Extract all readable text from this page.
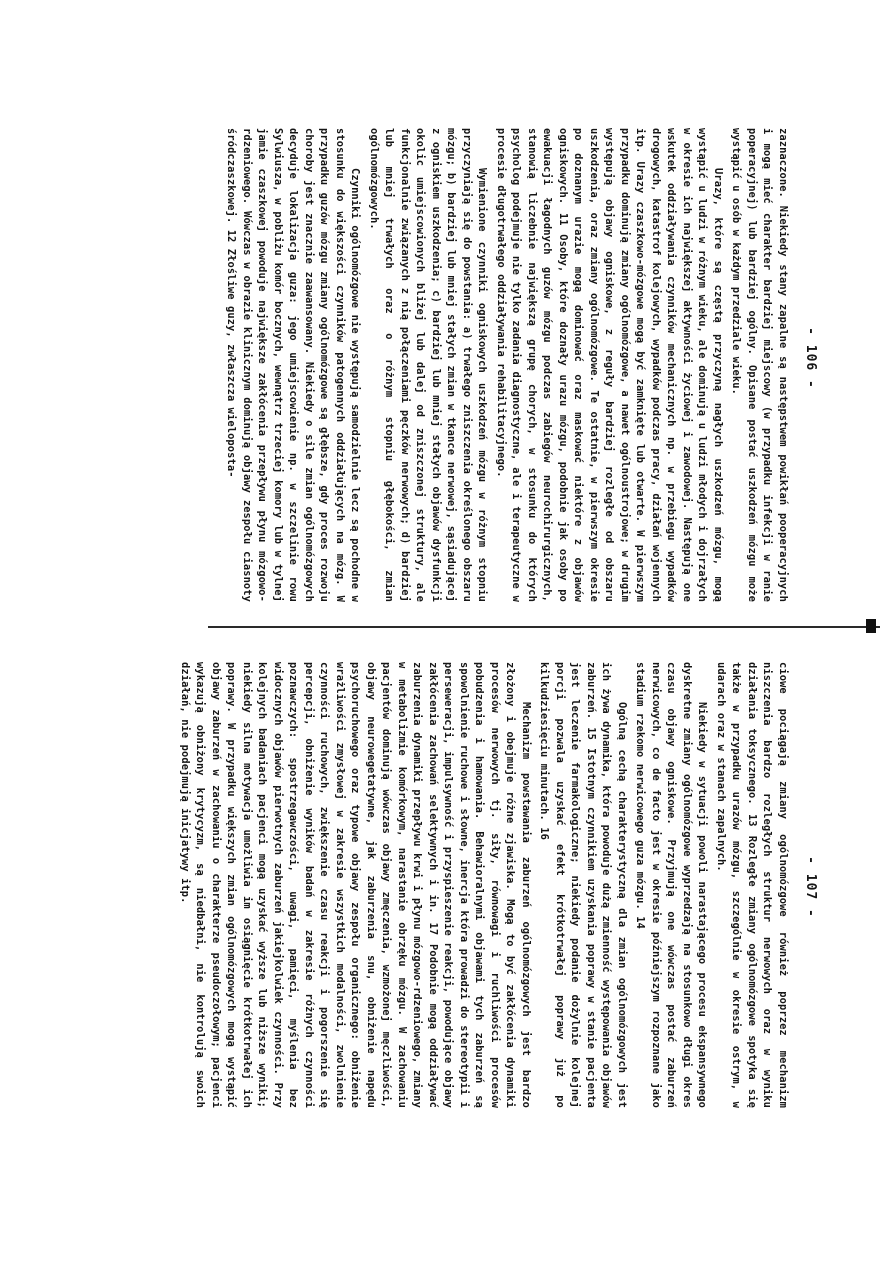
- 106 -

zaznaczone. Niekiedy stany zapalne są następstwem powikłań pooperacyjnych i mogą mieć charakter bardziej miejscowy (w przypadku infekcji w ranie poperacyjnej) lub bardziej ogólny. Opisane postać uszkodzeń mózgu może wystąpić u osób w każdym przedziale wieku.

Urazy, które są częstą przyczyną nagłych uszkodzeń mózgu, mogą wystąpić u ludzi w różnym wieku, ale dominują u ludzi młodych i dojrzałych w okresie ich największej aktywności życiowej i zawodowej. Następują one wskutek oddziaływania czynników mechanicznych np. w przebiegu wypadków drogowych, katastrof kolejowych, wypadków podczas pracy, działań wojennych itp. Urazy czaszkowo-mózgowe mogą być zamknięte lub otwarte. W pierwszym przypadku dominują zmiany ogólnomózgowe, a nawet ogólnoustrojowe; w drugim występują objawy ogniskowe, z reguły bardziej rozległe od obszaru uszkodzenia, oraz zmiany ogólnomózgowe. Te ostatnie, w pierwszym okresie po doznanym urazie mogą dominować oraz maskować niektóre z objawów ogniskowych. 11 Osoby, które doznały urazu mózgu, podobnie jak osoby po ewakuacji łagodnych guzów mózgu podczas zabiegów neurochirurgicznych, stanowią liczebnie największą grupę chorych, w stosunku do których psycholog podejmuje nie tylko zadania diagnostyczne, ale i terapeutyczne w procesie długotrwałego oddziaływania rehabilitacyjnego.

Wymienione czynniki ogniskowych uszkodzeń mózgu w różnym stopniu przyczyniają się do powstania: a) trwałego zniszczenia określonego obszaru mózgu; b) bardziej lub mniej stałych zmian w tkance nerwowej, sąsiadującej z ogniskiem uszkodzenia; c) bardziej lub mniej stałych objawów dysfunkcji okolic umiejscowionych bliżej lub dalej od zniszczonej struktury, ale funkcjonalnie związanych z nią połączeniami pęczków nerwowych; d) bardziej lub mniej trwałych oraz o różnym stopniu głębokości, zmian ogólnomózgowych.

Czynniki ogólnomózgowe nie występują samodzielnie lecz są pochodne w stosunku do większości czynników patogennych oddziałujących na mózg. W przypadku guzów mózgu zmiany ogólnomózgowe są głębsze, gdy proces rozwoju choroby jest znacznie zaawansowany. Niekiedy o sile zmian ogólnomózgowych decyduje lokalizacja guza: jego umiejscowienie np. w szczelinie rowu Sylwiusza, w pobliżu komór bocznych, wewnątrz trzeciej komory lub w tylnej jamie czaszkowej powoduje największe zakłócenia przepływu płynu mózgowo-rdzeniowego. Wówczas w obrazie klinicznym dominują objawy zespołu ciasnoty śródczaszkowej. 12 Złośliwe guzy, zwłaszcza wieloposta-

- 107 -

ciowe pociągają zmiany ogólnomózgowe również poprzez mechanizm niszczenia bardzo rozległych struktur nerwowych oraz w wyniku działania toksycznego. 13 Rozległe zmiany ogólnomózgowe spotyka się także w przypadku urazów mózgu, szczególnie w okresie ostrym, w udarach oraz w stanach zapalnych.

Niekiedy w sytuacji powoli narastającego procesu ekspansywnego dyskretne zmiany ogólnomózgowe wyprzedzają na stosunkowo długi okres czasu objawy ogniskowe. Przyjmują one wówczas postać zaburzeń nerwicowych, co de facto jest w okresie późniejszym rozpoznane jako stadium rzekomo nerwicowego guza mózgu. 14

Ogólną cechą charakterystyczną dla zmian ogólnomózgowych jest ich żywa dynamika, która powoduje dużą zmienność występowania objawów zaburzeń. 15 Istotnym czynnikiem uzyskania poprawy w stanie pacjenta jest leczenie farmakologiczne; niekiedy podanie dożylnie kolejnej porcji pozwala uzyskać efekt krótkotrwałej poprawy już po kilkudziesięciu minutach. 16

Mechanizm powstawania zaburzeń ogólnomózgowych jest bardzo złożony i obejmuje różne zjawiska. Mogą to być zakłócenia dynamiki procesów nerwowych tj. siły, równowagi i ruchliwości procesów pobudzenia i hamowania. Behawioralnymi objawami tych zaburzeń są spowolnienie ruchowe i słowne, inercja która prowadzi do stereotypii i perseweracji, impulsywność i przyspieszenie reakcji, powodujące objawy zakłócenia zachowań selektywnych i in. 17 Podobnie mogą oddziaływać zaburzenia dynamiki przepływu krwi i płynu mózgowo-rdzeniowego, zmiany w metabolizmie komórkowym, narastanie obrzęku mózgu. W zachowaniu pacjentów dominują wówczas objawy zmęczenia, wzmożonej męczliwości, objawy neurowegetatywne, jak zaburzenia snu, obniżenie napędu psychoruchowego oraz typowe objawy zespołu organicznego: obniżenie wrażliwości zmysłowej w zakresie wszystkich modalności, zwolnienie czynności ruchowych, zwiększenie czasu reakcji i pogorszenie się percepcji, obniżenie wyników badań w zakresie różnych czynności poznawczych: spostrzegawczości, uwagi, pamięci, myślenia bez widocznych objawów pierwotnych zaburzeń jakiejkolwiek czynności. Przy kolejnych badaniach pacjenci mogą uzyskać wyższe lub niższe wyniki; niekiedy silna motywacja umożliwia im osiągnięcie krótkotrwałej ich poprawy. W przypadku większych zmian ogólnomózgowych mogą wystąpić objawy zaburzeń w zachowaniu o charakterze pseudoczołowym; pacjenci wykazują obniżony krytycyzm, są niedbałni, nie kontrolują swoich działań, nie podejmują inicjatywy itp.
